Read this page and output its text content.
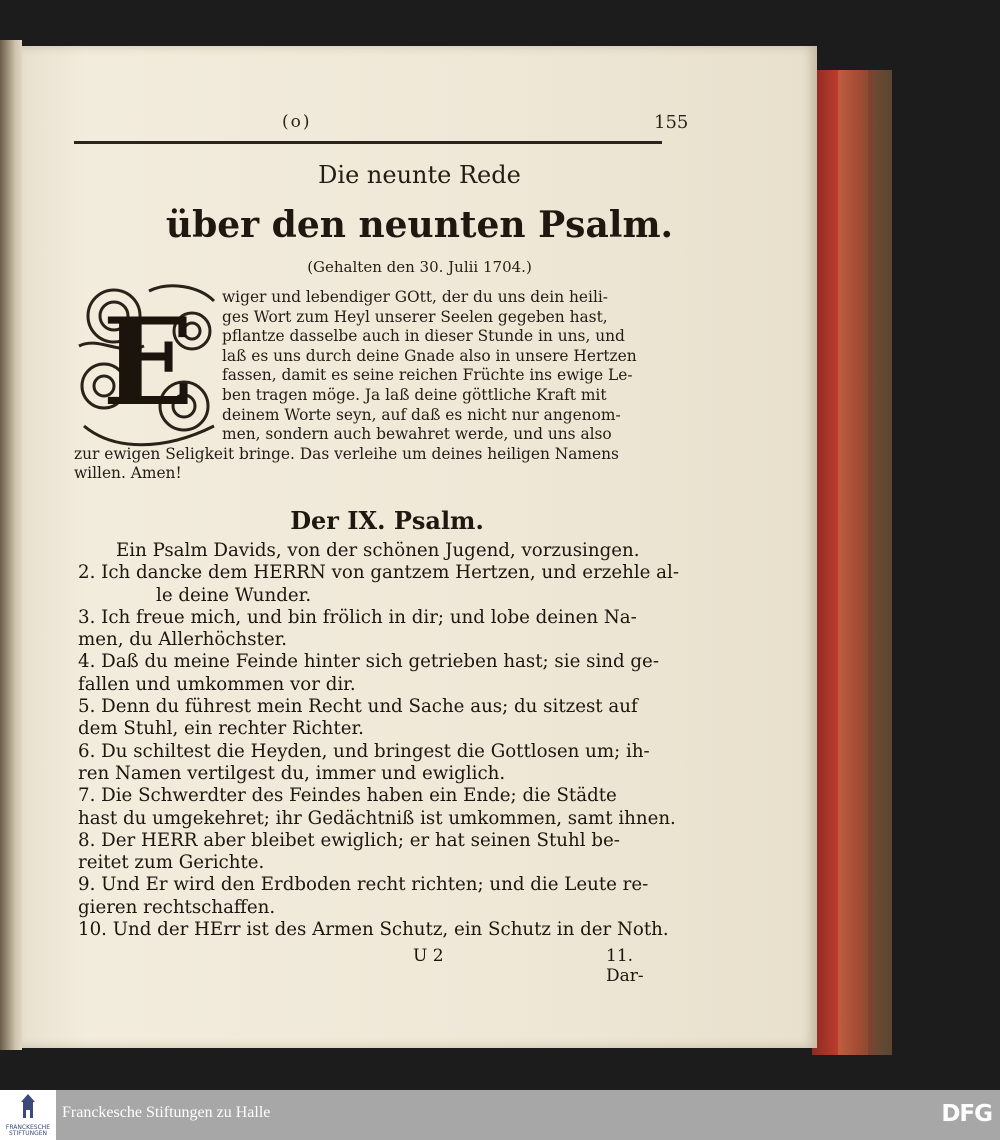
(o)	155
Die neunte Rede
über den neunten Psalm.
(Gehalten den 30. Julii 1704.)
E	wiger und lebendiger GOtt, der du uns dein heili-
ges Wort zum Heyl unserer Seelen gegeben hast,
pflantze dasselbe auch in dieser Stunde in uns, und
laß es uns durch deine Gnade also in unsere Hertzen
fassen, damit es seine reichen Früchte ins ewige Le-
ben tragen möge. Ja laß deine göttliche Kraft mit
deinem Worte seyn, auf daß es nicht nur angenom-
men, sondern auch bewahret werde, und uns also
zur ewigen Seligkeit bringe. Das verleihe um deines heiligen Namens
willen. Amen!
Der IX. Psalm.
Ein Psalm Davids, von der schönen Jugend, vorzusingen.
2. Ich dancke dem HERRN von gantzem Hertzen, und erzehle al-
le deine Wunder.
3. Ich freue mich, und bin frölich in dir; und lobe deinen Na-
men, du Allerhöchster.
4. Daß du meine Feinde hinter sich getrieben hast; sie sind ge-
fallen und umkommen vor dir.
5. Denn du führest mein Recht und Sache aus; du sitzest auf
dem Stuhl, ein rechter Richter.
6. Du schiltest die Heyden, und bringest die Gottlosen um; ih-
ren Namen vertilgest du, immer und ewiglich.
7. Die Schwerdter des Feindes haben ein Ende; die Städte
hast du umgekehret; ihr Gedächtniß ist umkommen, samt ihnen.
8. Der HERR aber bleibet ewiglich; er hat seinen Stuhl be-
reitet zum Gerichte.
9. Und Er wird den Erdboden recht richten; und die Leute re-
gieren rechtschaffen.
10. Und der HErr ist des Armen Schutz, ein Schutz in der Noth.
U 2	11. Dar-
FRANCKESCHE STIFTUNGEN
Franckesche Stiftungen zu Halle	DFG
